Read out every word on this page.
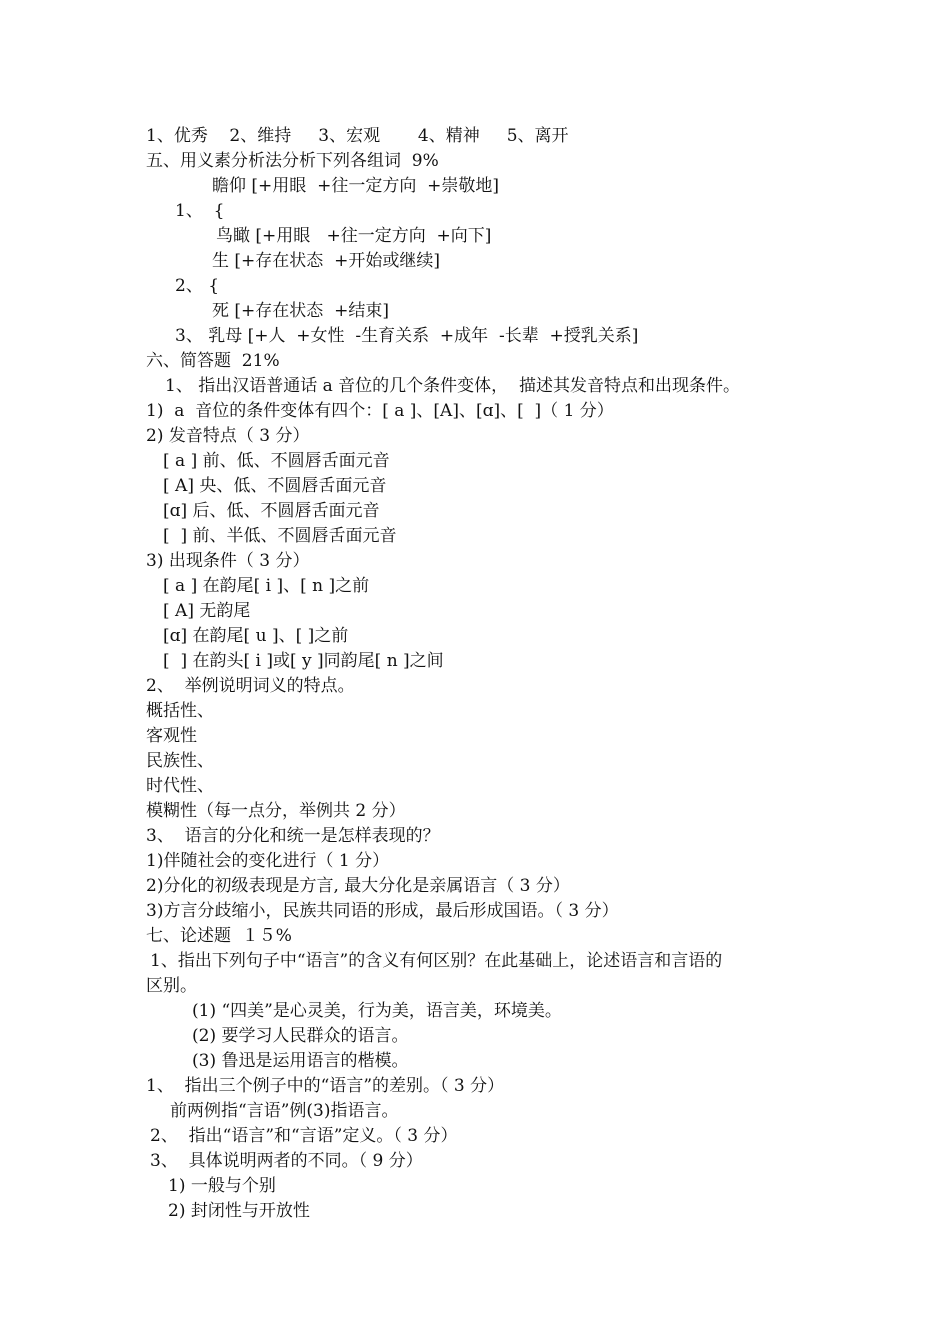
1、优秀    2、维持     3、宏观       4、精神     5、离开
五、用义素分析法分析下列各组词  9%
瞻仰 [+用眼  +往一定方向  +崇敬地]
1、  {
鸟瞰 [+用眼   +往一定方向  +向下]
生 [+存在状态  +开始或继续]
2、 {
死 [+存在状态  +结束]
3、 乳母 [+人  +女性  -生育关系  +成年  -长辈  +授乳关系]
六、简答题  21%
1、 指出汉语普通话 a 音位的几个条件变体，  描述其发音特点和出现条件。
1)  a  音位的条件变体有四个：[ a ]、[A]、[ɑ]、[  ]（ 1 分）
2) 发音特点（ 3 分）
[ a ] 前、低、不圆唇舌面元音
[ A] 央、低、不圆唇舌面元音
[ɑ] 后、低、不圆唇舌面元音
[  ] 前、半低、不圆唇舌面元音
3) 出现条件（ 3 分）
[ a ] 在韵尾[ i ]、[ n ]之前
[ A] 无韵尾
[ɑ] 在韵尾[ u ]、[ ]之前
[  ] 在韵头[ i ]或[ y ]同韵尾[ n ]之间
2、  举例说明词义的特点。
概括性、
客观性
民族性、
时代性、
模糊性（每一点分，举例共 2 分）
3、  语言的分化和统一是怎样表现的？
1)伴随社会的变化进行（ 1 分）
2)分化的初级表现是方言, 最大分化是亲属语言（ 3 分）
3)方言分歧缩小，民族共同语的形成，最后形成国语。（ 3 分）
七、论述题  １５%
1、指出下列句子中“语言”的含义有何区别？在此基础上，论述语言和言语的
区别。
(1) “四美”是心灵美，行为美，语言美，环境美。
(2) 要学习人民群众的语言。
(3) 鲁迅是运用语言的楷模。
1、  指出三个例子中的“语言”的差别。（ 3 分）
前两例指“言语”例(3)指语言。
2、  指出“语言”和“言语”定义。（ 3 分）
3、  具体说明两者的不同。（ 9 分）
1) 一般与个别
2) 封闭性与开放性
